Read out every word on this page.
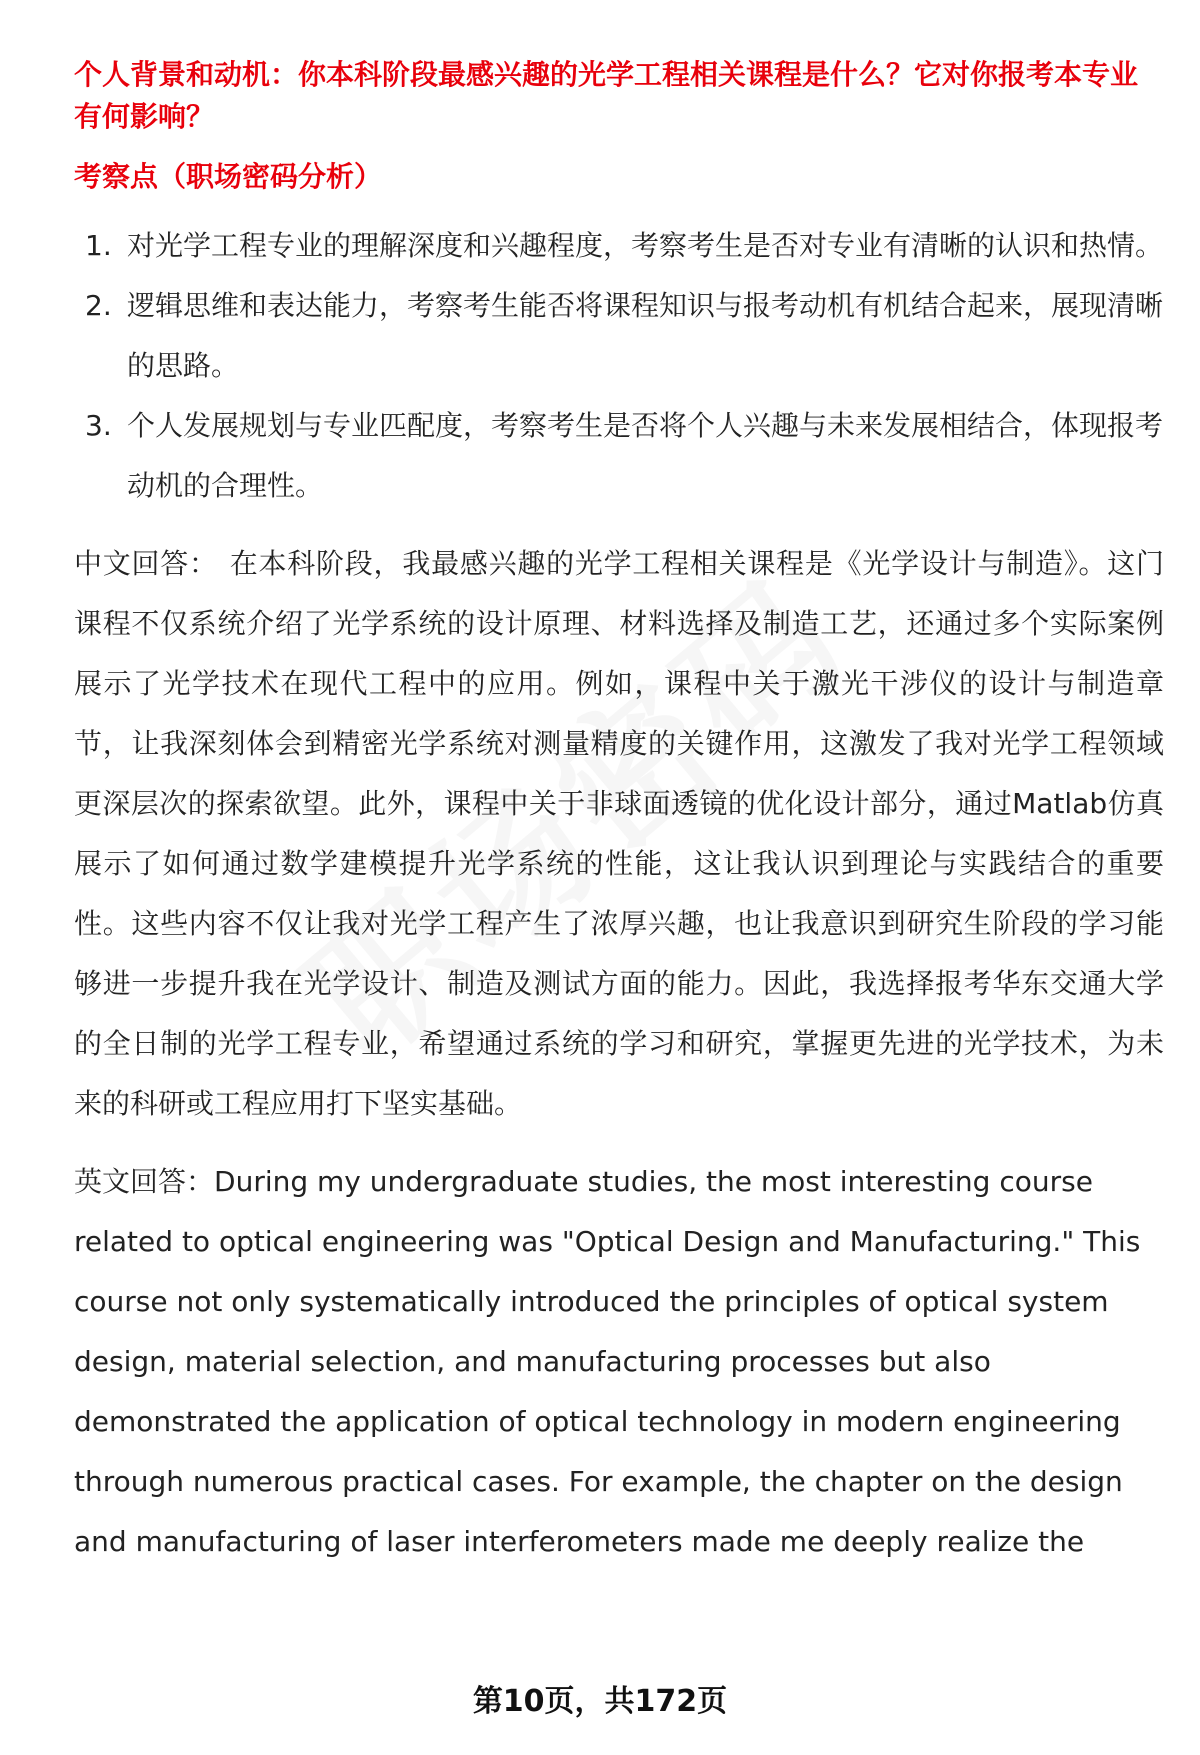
个人背景和动机：你本科阶段最感兴趣的光学工程相关课程是什么？它对你报考本专业有何影响？
考察点（职场密码分析）
1. 对光学工程专业的理解深度和兴趣程度，考察考生是否对专业有清晰的认识和热情。
2. 逻辑思维和表达能力，考察考生能否将课程知识与报考动机有机结合起来，展现清晰的思路。
3. 个人发展规划与专业匹配度，考察考生是否将个人兴趣与未来发展相结合，体现报考动机的合理性。

中文回答： 在本科阶段，我最感兴趣的光学工程相关课程是《光学设计与制造》。这门课程不仅系统介绍了光学系统的设计原理、材料选择及制造工艺，还通过多个实际案例展示了光学技术在现代工程中的应用。例如，课程中关于激光干涉仪的设计与制造章节，让我深刻体会到精密光学系统对测量精度的关键作用，这激发了我对光学工程领域更深层次的探索欲望。此外，课程中关于非球面透镜的优化设计部分，通过Matlab仿真展示了如何通过数学建模提升光学系统的性能，这让我认识到理论与实践结合的重要性。这些内容不仅让我对光学工程产生了浓厚兴趣，也让我意识到研究生阶段的学习能够进一步提升我在光学设计、制造及测试方面的能力。因此，我选择报考华东交通大学的全日制的光学工程专业，希望通过系统的学习和研究，掌握更先进的光学技术，为未来的科研或工程应用打下坚实基础。

英文回答：During my undergraduate studies, the most interesting course related to optical engineering was "Optical Design and Manufacturing." This course not only systematically introduced the principles of optical system design, material selection, and manufacturing processes but also demonstrated the application of optical technology in modern engineering through numerous practical cases. For example, the chapter on the design and manufacturing of laser interferometers made me deeply realize the

第10页，共172页
